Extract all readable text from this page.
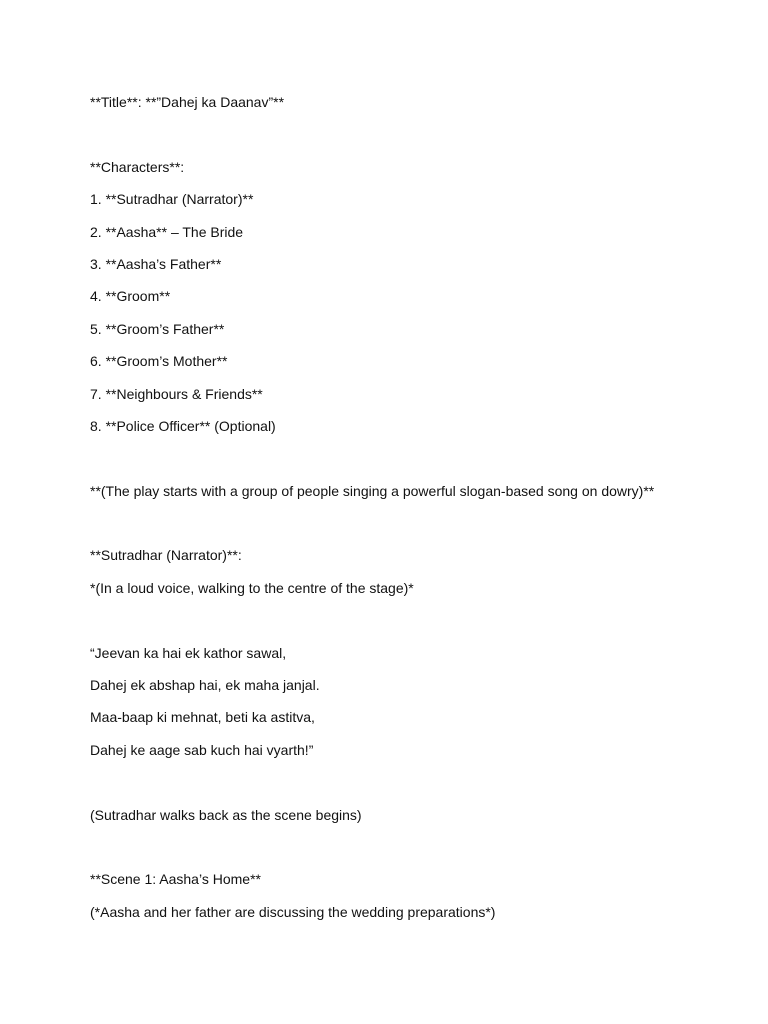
**Title**: **”Dahej ka Daanav”**
**Characters**:
1. **Sutradhar (Narrator)**
2. **Aasha** – The Bride
3. **Aasha’s Father**
4. **Groom**
5. **Groom’s Father**
6. **Groom’s Mother**
7. **Neighbours & Friends**
8. **Police Officer** (Optional)
**(The play starts with a group of people singing a powerful slogan-based song on dowry)**
**Sutradhar (Narrator)**:
*(In a loud voice, walking to the centre of the stage)*
“Jeevan ka hai ek kathor sawal,
Dahej ek abshap hai, ek maha janjal.
Maa-baap ki mehnat, beti ka astitva,
Dahej ke aage sab kuch hai vyarth!”
(Sutradhar walks back as the scene begins)
**Scene 1: Aasha’s Home**
(*Aasha and her father are discussing the wedding preparations*)
